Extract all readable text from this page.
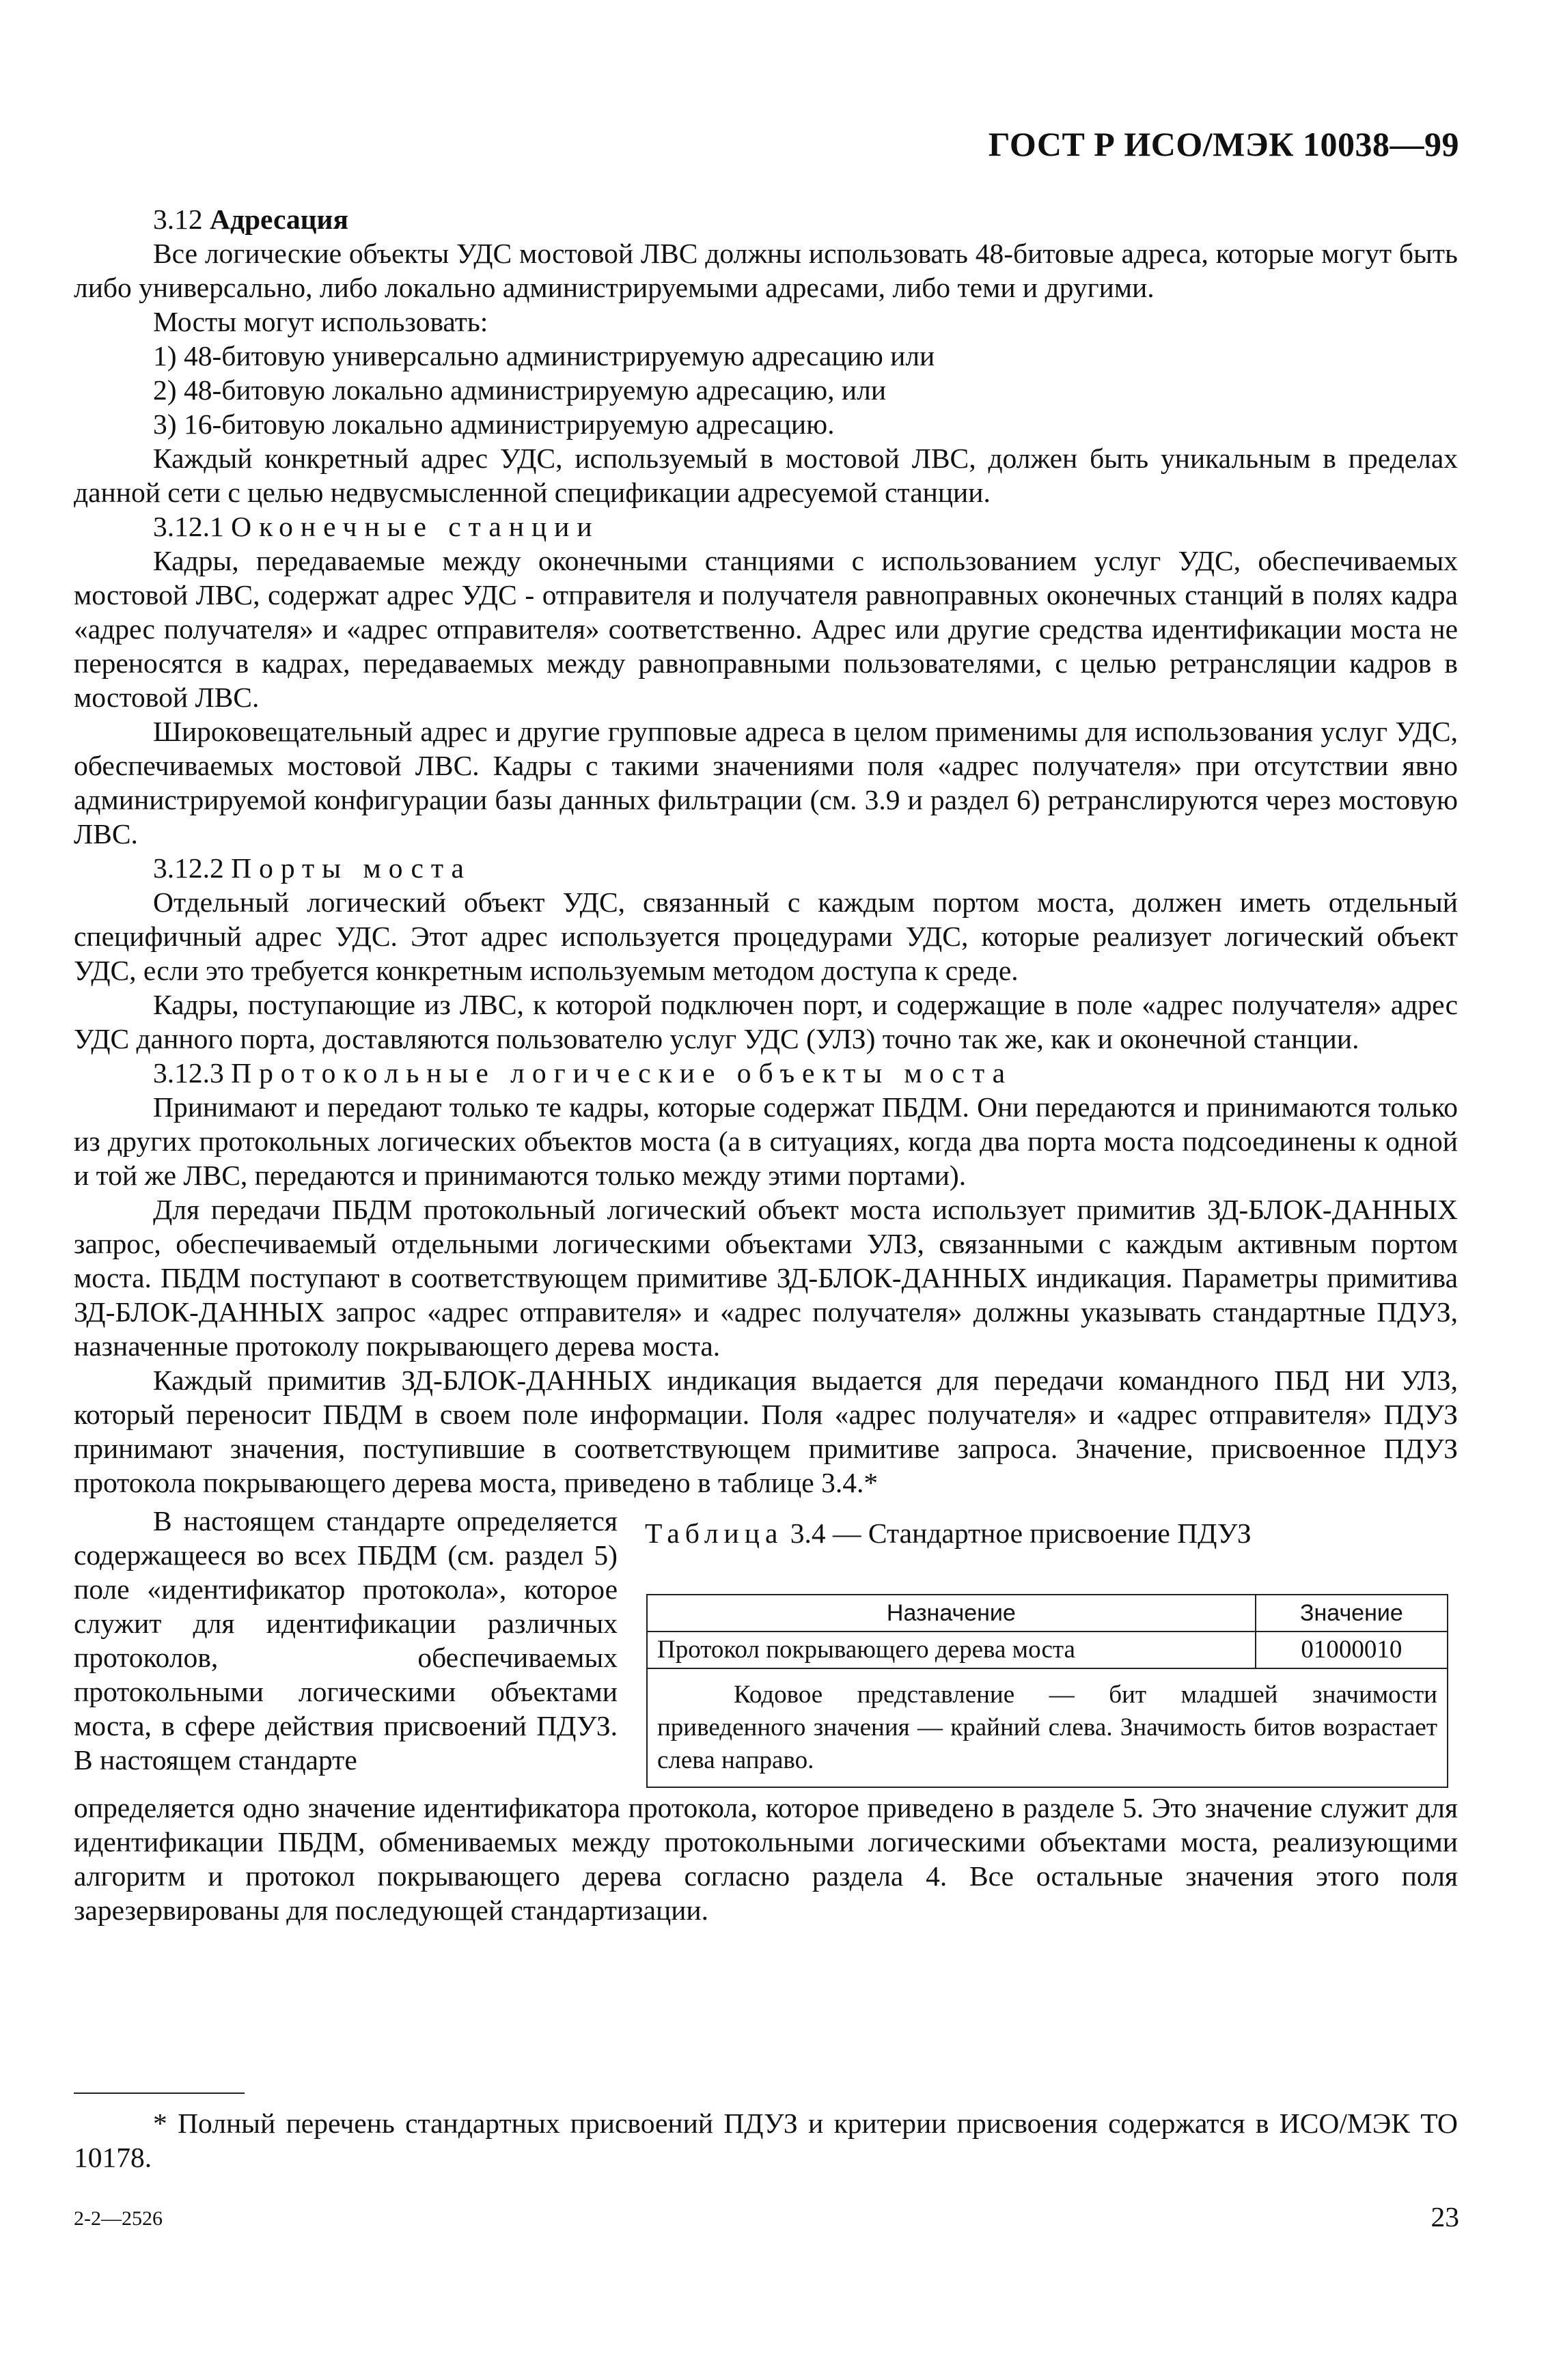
ГОСТ Р ИСО/МЭК 10038—99
3.12 Адресация

Все логические объекты УДС мостовой ЛВС должны использовать 48-битовые адреса, которые могут быть либо универсально, либо локально администрируемыми адресами, либо теми и другими.

Мосты могут использовать:

1) 48-битовую универсально администрируемую адресацию или

2) 48-битовую локально администрируемую адресацию, или

3) 16-битовую локально администрируемую адресацию.

Каждый конкретный адрес УДС, используемый в мостовой ЛВС, должен быть уникальным в пределах данной сети с целью недвусмысленной спецификации адресуемой станции.

3.12.1 Оконечные станции

Кадры, передаваемые между оконечными станциями с использованием услуг УДС, обеспечиваемых мостовой ЛВС, содержат адрес УДС - отправителя и получателя равноправных оконечных станций в полях кадра «адрес получателя» и «адрес отправителя» соответственно. Адрес или другие средства идентификации моста не переносятся в кадрах, передаваемых между равноправными пользователями, с целью ретрансляции кадров в мостовой ЛВС.

Широковещательный адрес и другие групповые адреса в целом применимы для использования услуг УДС, обеспечиваемых мостовой ЛВС. Кадры с такими значениями поля «адрес получателя» при отсутствии явно администрируемой конфигурации базы данных фильтрации (см. 3.9 и раздел 6) ретранслируются через мостовую ЛВС.

3.12.2 Порты моста

Отдельный логический объект УДС, связанный с каждым портом моста, должен иметь отдельный специфичный адрес УДС. Этот адрес используется процедурами УДС, которые реализует логический объект УДС, если это требуется конкретным используемым методом доступа к среде.

Кадры, поступающие из ЛВС, к которой подключен порт, и содержащие в поле «адрес получателя» адрес УДС данного порта, доставляются пользователю услуг УДС (УЛЗ) точно так же, как и оконечной станции.

3.12.3 Протокольные логические объекты моста

Принимают и передают только те кадры, которые содержат ПБДМ. Они передаются и принимаются только из других протокольных логических объектов моста (а в ситуациях, когда два порта моста подсоединены к одной и той же ЛВС, передаются и принимаются только между этими портами).

Для передачи ПБДМ протокольный логический объект моста использует примитив ЗД-БЛОК-ДАННЫХ запрос, обеспечиваемый отдельными логическими объектами УЛЗ, связанными с каждым активным портом моста. ПБДМ поступают в соответствующем примитиве ЗД-БЛОК-ДАННЫХ индикация. Параметры примитива ЗД-БЛОК-ДАННЫХ запрос «адрес отправителя» и «адрес получателя» должны указывать стандартные ПДУЗ, назначенные протоколу покрывающего дерева моста.

Каждый примитив ЗД-БЛОК-ДАННЫХ индикация выдается для передачи командного ПБД НИ УЛЗ, который переносит ПБДМ в своем поле информации. Поля «адрес получателя» и «адрес отправителя» ПДУЗ принимают значения, поступившие в соответствующем примитиве запроса. Значение, присвоенное ПДУЗ протокола покрывающего дерева моста, приведено в таблице 3.4.*

В настоящем стандарте определяется содержащееся во всех ПБДМ (см. раздел 5) поле «идентификатор протокола», которое служит для идентификации различных протоколов, обеспечиваемых протокольными логическими объектами моста, в сфере действия присвоений ПДУЗ. В настоящем стандарте

Таблица 3.4 — Стандартное присвоение ПДУЗ
Назначение	Значение
Протокол покрывающего дерева моста	01000010
Кодовое представление — бит младшей значимости приведенного значения — крайний слева. Значимость битов возрастает слева направо.	

определяется одно значение идентификатора протокола, которое приведено в разделе 5. Это значение служит для идентификации ПБДМ, обмениваемых между протокольными логическими объектами моста, реализующими алгоритм и протокол покрывающего дерева согласно раздела 4. Все остальные значения этого поля зарезервированы для последующей стандартизации.

* Полный перечень стандартных присвоений ПДУЗ и критерии присвоения содержатся в ИСО/МЭК ТО 10178.

2-2—2526	23
